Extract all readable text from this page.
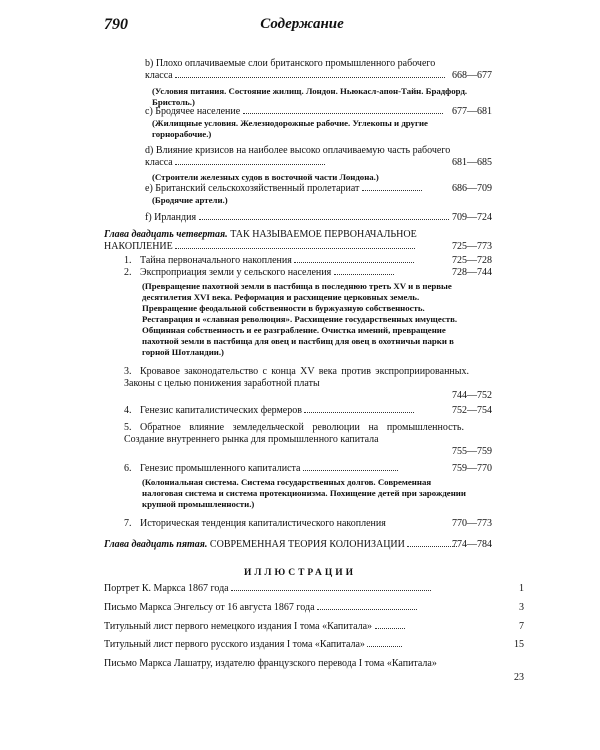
790	Содержание
b) Плохо оплачиваемые слои британского промышленного рабочего
класса	668—677
(Условия питания. Состояние жилищ. Лондон. Ньюкасл-апон-Тайн. Брадфорд. Бристоль.)
с) Бродячее население	677—681
(Жилищные условия. Железнодорожные рабочие. Углекопы и другие горнорабочие.)
d) Влияние кризисов на наиболее высоко оплачиваемую часть рабочего класса	681—685
(Строители железных судов в восточной части Лондона.)
е) Британский сельскохозяйственный пролетариат	686—709
(Бродячие артели.)
f) Ирландия	709—724
Глава двадцать четвертая. ТАК НАЗЫВАЕМОЕ ПЕРВОНАЧАЛЬНОЕ
НАКОПЛЕНИЕ	725—773
1. Тайна первоначального накопления	725—728
2. Экспроприация земли у сельского населения	728—744
(Превращение пахотной земли в пастбища в последнюю треть XV и в первые десятилетия XVI века. Реформация и расхищение церковных земель. Превращение феодальной собственности в буржуазную собственность. Реставрация и «славная революция». Расхищение государственных имуществ. Общинная собственность и ее разграбление. Очистка имений, превращение пахотной земли в пастбища для овец и пастбищ для овец в охотничьи парки в горной Шотландии.)
3. Кровавое законодательство с конца XV века против экспроприированных. Законы с целью понижения заработной платы
744—752
4. Генезис капиталистических фермеров	752—754
5. Обратное влияние земледельческой революции на промышленность. Создание внутреннего рынка для промышленного капитала
755—759
6. Генезис промышленного капиталиста	759—770
(Колониальная система. Система государственных долгов. Современная налоговая система и система протекционизма. Похищение детей при зарождении крупной промышленности.)
7. Историческая тенденция капиталистического накопления	770—773
Глава двадцать пятая. СОВРЕМЕННАЯ ТЕОРИЯ КОЛОНИЗАЦИИ	774—784
ИЛЛЮСТРАЦИИ
Портрет К. Маркса 1867 года	1
Письмо Маркса Энгельсу от 16 августа 1867 года	3
Титульный лист первого немецкого издания I тома «Капитала»	7
Титульный лист первого русского издания I тома «Капитала»	15
Письмо Маркса Лашатру, издателю французского перевода I тома «Капитала»
23
